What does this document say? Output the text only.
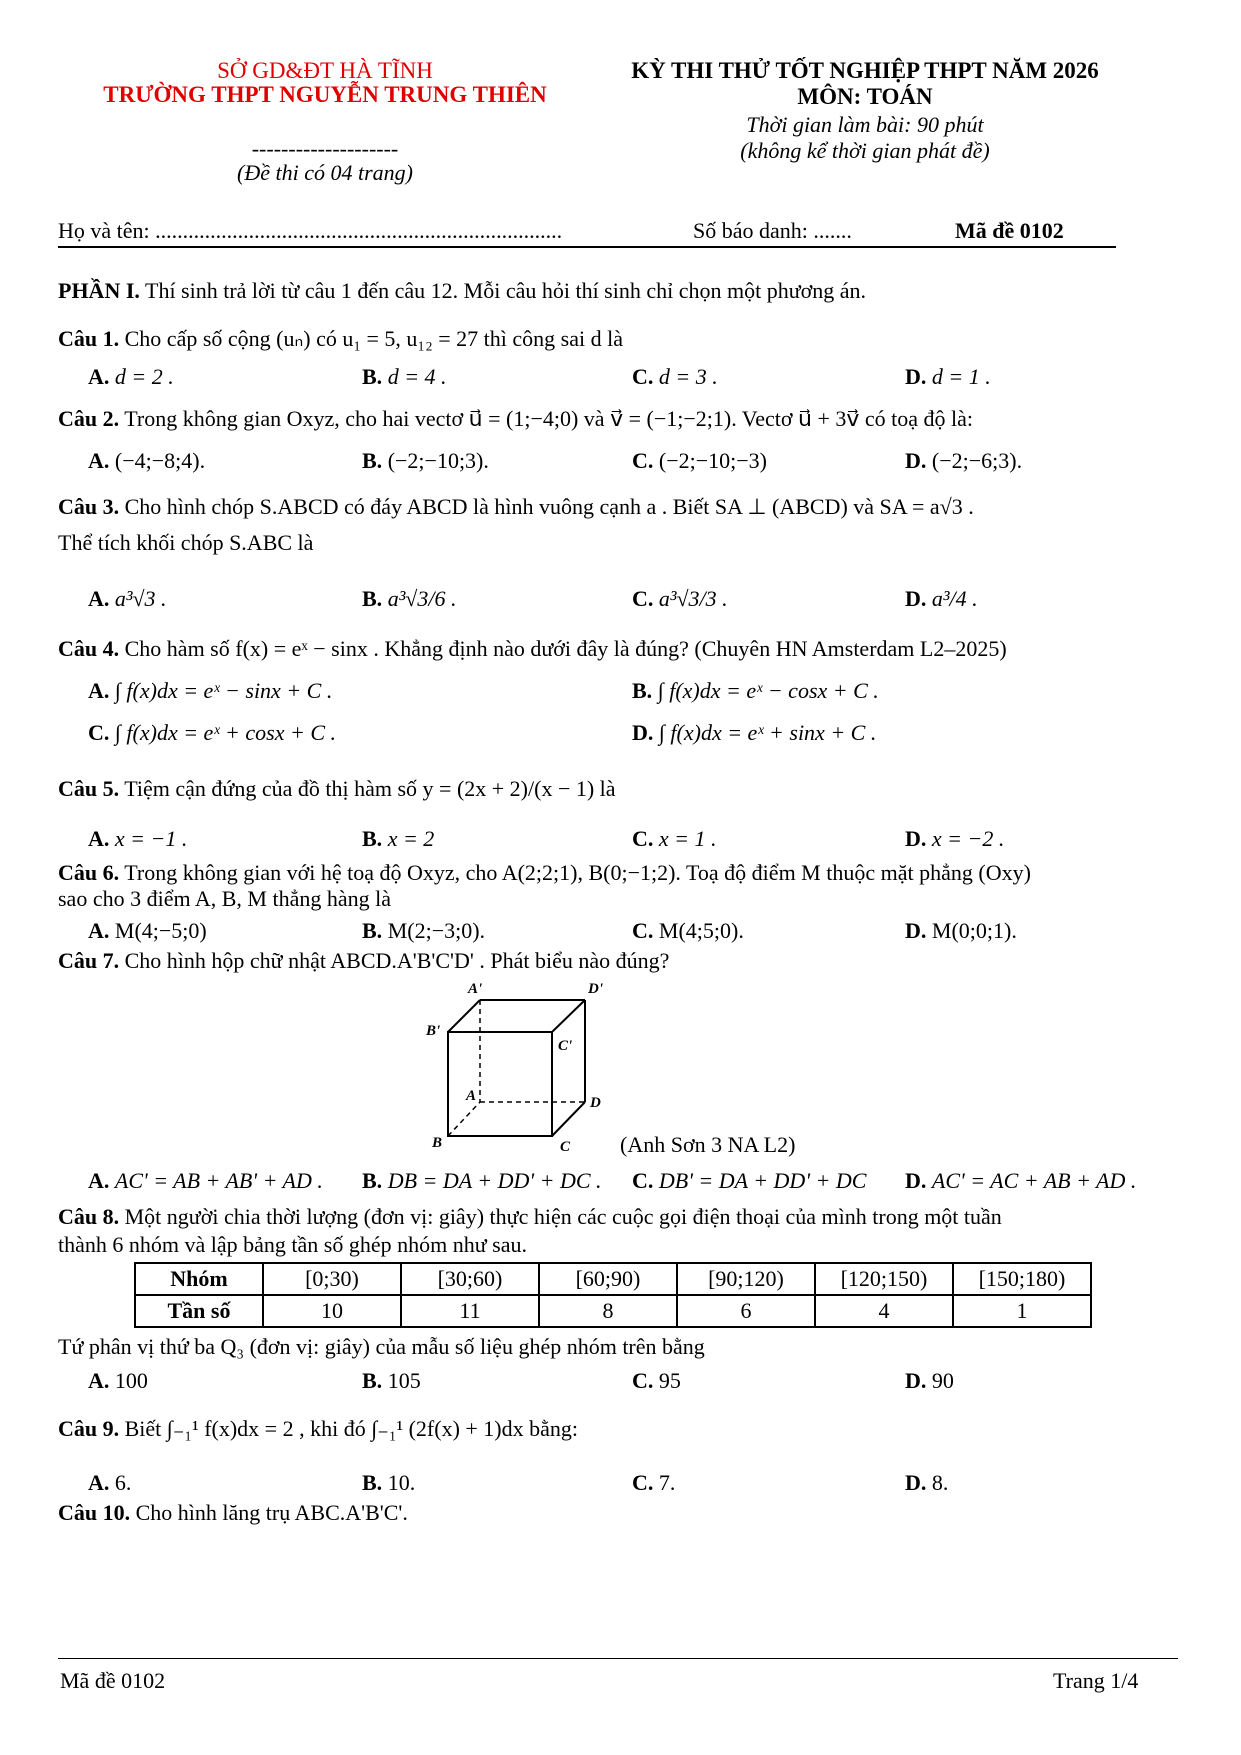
SỞ GD&ĐT HÀ TĨNH
TRƯỜNG THPT NGUYỄN TRUNG THIÊN
--------------------
(Đề thi có 04 trang)
KỲ THI THỬ TỐT NGHIỆP THPT NĂM 2026
MÔN: TOÁN
Thời gian làm bài: 90 phút
(không kể thời gian phát đề)
Họ và tên: ..........................................................................	Số báo danh: .......	Mã đề 0102
PHẦN I. Thí sinh trả lời từ câu 1 đến câu 12. Mỗi câu hỏi thí sinh chỉ chọn một phương án.
Câu 1. Cho cấp số cộng (uₙ) có u₁ = 5, u₁₂ = 27 thì công sai d là
A. d = 2 .	B. d = 4 .	C. d = 3 .	D. d = 1 .
Câu 2. Trong không gian Oxyz, cho hai vectơ u⃗ = (1;−4;0) và v⃗ = (−1;−2;1). Vectơ u⃗ + 3v⃗ có toạ độ là:
A. (−4;−8;4).	B. (−2;−10;3).	C. (−2;−10;−3)	D. (−2;−6;3).
Câu 3. Cho hình chóp S.ABCD có đáy ABCD là hình vuông cạnh a . Biết SA ⊥ (ABCD) và SA = a√3 .
Thể tích khối chóp S.ABC là
A. a³√3 .	B. a³√3/6 .	C. a³√3/3 .	D. a³/4 .
Câu 4. Cho hàm số f(x) = eˣ − sinx . Khẳng định nào dưới đây là đúng? (Chuyên HN Amsterdam L2–2025)
A. ∫ f(x)dx = eˣ − sinx + C .	B. ∫ f(x)dx = eˣ − cosx + C .
C. ∫ f(x)dx = eˣ + cosx + C .	D. ∫ f(x)dx = eˣ + sinx + C .
Câu 5. Tiệm cận đứng của đồ thị hàm số y = (2x + 2)/(x − 1) là
A. x = −1 .	B. x = 2	C. x = 1 .	D. x = −2 .
Câu 6. Trong không gian với hệ toạ độ Oxyz, cho A(2;2;1), B(0;−1;2). Toạ độ điểm M thuộc mặt phẳng (Oxy)
sao cho 3 điểm A, B, M thẳng hàng là
A. M(4;−5;0)	B. M(2;−3;0).	C. M(4;5;0).	D. M(0;0;1).
Câu 7. Cho hình hộp chữ nhật ABCD.A'B'C'D' . Phát biểu nào đúng?
A'	D'
B'
C'
A	D
B	C (Anh Sơn 3 NA L2)
A. AC' = AB + AB' + AD . B. DB = DA + DD' + DC . C. DB' = DA + DD' + DC D. AC' = AC + AB + AD .
Câu 8. Một người chia thời lượng (đơn vị: giây) thực hiện các cuộc gọi điện thoại của mình trong một tuần
thành 6 nhóm và lập bảng tần số ghép nhóm như sau.
Nhóm	[0;30)	[30;60)	[60;90)	[90;120)	[120;150)	[150;180)
Tần số	10	11	8	6	4	1
Tứ phân vị thứ ba Q₃ (đơn vị: giây) của mẫu số liệu ghép nhóm trên bằng
A. 100	B. 105	C. 95	D. 90
Câu 9. Biết ∫₋₁¹ f(x)dx = 2 , khi đó ∫₋₁¹ (2f(x) + 1)dx bằng:
A. 6.	B. 10.	C. 7.	D. 8.
Câu 10. Cho hình lăng trụ ABC.A'B'C'.
Mã đề 0102	Trang 1/4
